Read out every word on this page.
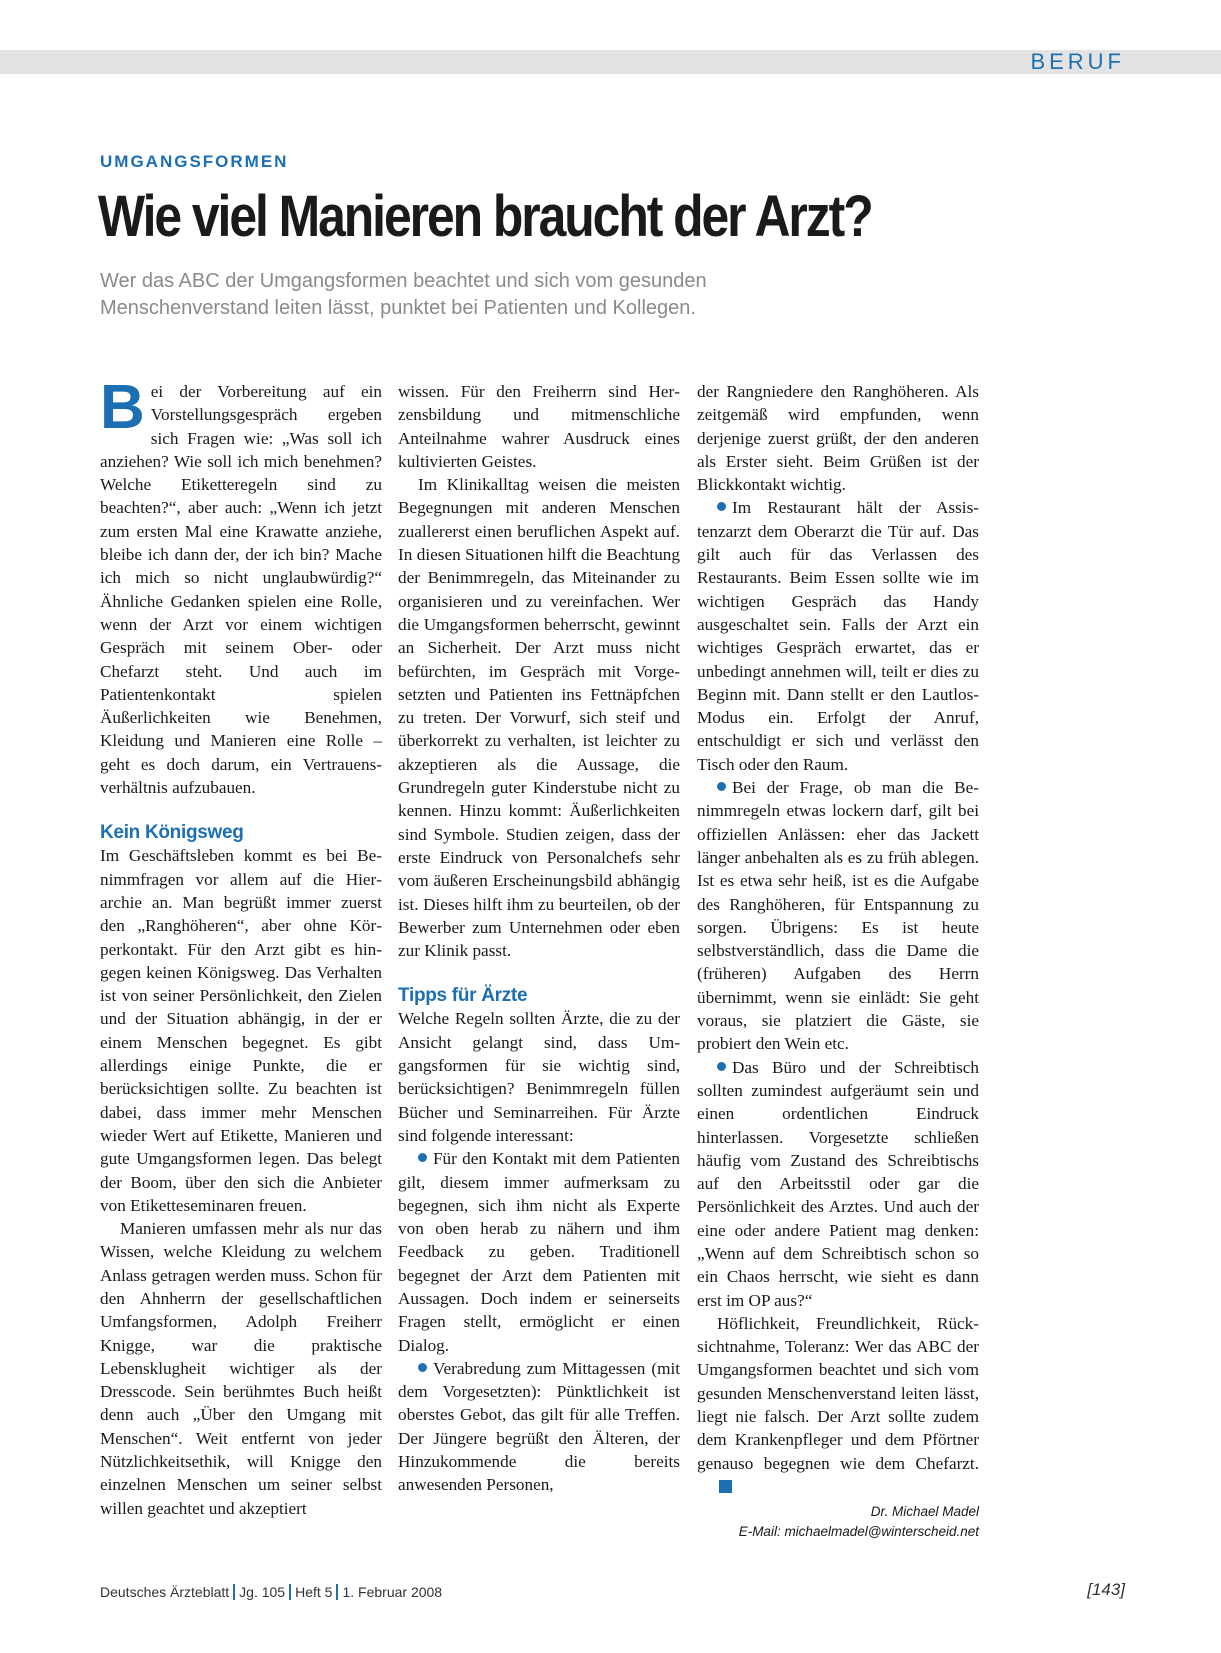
BERUF
UMGANGSFORMEN
Wie viel Manieren braucht der Arzt?

Wer das ABC der Umgangsformen beachtet und sich vom gesunden Menschenverstand leiten lässt, punktet bei Patienten und Kollegen.

Bei der Vorbereitung auf ein Vorstellungsgespräch ergeben sich Fragen wie: „Was soll ich anziehen? Wie soll ich mich benehmen? Welche Etiketteregeln sind zu beachten?“, aber auch: „Wenn ich jetzt zum ersten Mal eine Krawatte anziehe, bleibe ich dann der, der ich bin? Mache ich mich so nicht unglaubwürdig?“ Ähnliche Gedanken spielen eine Rolle, wenn der Arzt vor einem wichtigen Gespräch mit seinem Ober- oder Chefarzt steht. Und auch im Patientenkontakt spielen Äußerlichkeiten wie Benehmen, Kleidung und Manieren eine Rolle – geht es doch darum, ein Vertrauensverhältnis aufzubauen.

Kein Königsweg

Im Geschäftsleben kommt es bei Benimmfragen vor allem auf die Hierarchie an. Man begrüßt immer zuerst den „Ranghöheren“, aber ohne Körperkontakt. Für den Arzt gibt es hingegen keinen Königsweg. Das Verhalten ist von seiner Persönlichkeit, den Zielen und der Situation abhängig, in der er einem Menschen begegnet. Es gibt allerdings einige Punkte, die er berücksichtigen sollte. Zu beachten ist dabei, dass immer mehr Menschen wieder Wert auf Etikette, Manieren und gute Umgangsformen legen. Das belegt der Boom, über den sich die Anbieter von Etiketteseminaren freuen.

Manieren umfassen mehr als nur das Wissen, welche Kleidung zu welchem Anlass getragen werden muss. Schon für den Ahnherrn der gesellschaftlichen Umfangsformen, Adolph Freiherr Knigge, war die praktische Lebensklugheit wichtiger als der Dresscode. Sein berühmtes Buch heißt denn auch „Über den Umgang mit Menschen“. Weit entfernt von jeder Nützlichkeitsethik, will Knigge den einzelnen Menschen um seiner selbst willen geachtet und akzeptiert

wissen. Für den Freiherrn sind Herzensbildung und mitmenschliche Anteilnahme wahrer Ausdruck eines kultivierten Geistes.

Im Klinikalltag weisen die meisten Begegnungen mit anderen Menschen zuallererst einen beruflichen Aspekt auf. In diesen Situationen hilft die Beachtung der Benimmregeln, das Miteinander zu organisieren und zu vereinfachen. Wer die Umgangsformen beherrscht, gewinnt an Sicherheit. Der Arzt muss nicht befürchten, im Gespräch mit Vorgesetzten und Patienten ins Fettnäpfchen zu treten. Der Vorwurf, sich steif und überkorrekt zu verhalten, ist leichter zu akzeptieren als die Aussage, die Grundregeln guter Kinderstube nicht zu kennen. Hinzu kommt: Äußerlichkeiten sind Symbole. Studien zeigen, dass der erste Eindruck von Personalchefs sehr vom äußeren Erscheinungsbild abhängig ist. Dieses hilft ihm zu beurteilen, ob der Bewerber zum Unternehmen oder eben zur Klinik passt.

Tipps für Ärzte

Welche Regeln sollten Ärzte, die zu der Ansicht gelangt sind, dass Umgangsformen für sie wichtig sind, berücksichtigen? Benimmregeln füllen Bücher und Seminarreihen. Für Ärzte sind folgende interessant:

Für den Kontakt mit dem Patienten gilt, diesem immer aufmerksam zu begegnen, sich ihm nicht als Experte von oben herab zu nähern und ihm Feedback zu geben. Traditionell begegnet der Arzt dem Patienten mit Aussagen. Doch indem er seinerseits Fragen stellt, ermöglicht er einen Dialog.

Verabredung zum Mittagessen (mit dem Vorgesetzten): Pünktlichkeit ist oberstes Gebot, das gilt für alle Treffen. Der Jüngere begrüßt den Älteren, der Hinzukommende die bereits anwesenden Personen,

der Rangniedere den Ranghöheren. Als zeitgemäß wird empfunden, wenn derjenige zuerst grüßt, der den anderen als Erster sieht. Beim Grüßen ist der Blickkontakt wichtig.

Im Restaurant hält der Assistenzarzt dem Oberarzt die Tür auf. Das gilt auch für das Verlassen des Restaurants. Beim Essen sollte wie im wichtigen Gespräch das Handy ausgeschaltet sein. Falls der Arzt ein wichtiges Gespräch erwartet, das er unbedingt annehmen will, teilt er dies zu Beginn mit. Dann stellt er den Lautlos-Modus ein. Erfolgt der Anruf, entschuldigt er sich und verlässt den Tisch oder den Raum.

Bei der Frage, ob man die Benimmregeln etwas lockern darf, gilt bei offiziellen Anlässen: eher das Jackett länger anbehalten als es zu früh ablegen. Ist es etwa sehr heiß, ist es die Aufgabe des Ranghöheren, für Entspannung zu sorgen. Übrigens: Es ist heute selbstverständlich, dass die Dame die (früheren) Aufgaben des Herrn übernimmt, wenn sie einlädt: Sie geht voraus, sie platziert die Gäste, sie probiert den Wein etc.

Das Büro und der Schreibtisch sollten zumindest aufgeräumt sein und einen ordentlichen Eindruck hinterlassen. Vorgesetzte schließen häufig vom Zustand des Schreibtischs auf den Arbeitsstil oder gar die Persönlichkeit des Arztes. Und auch der eine oder andere Patient mag denken: „Wenn auf dem Schreibtisch schon so ein Chaos herrscht, wie sieht es dann erst im OP aus?“

Höflichkeit, Freundlichkeit, Rücksichtnahme, Toleranz: Wer das ABC der Umgangsformen beachtet und sich vom gesunden Menschenverstand leiten lässt, liegt nie falsch. Der Arzt sollte zudem dem Krankenpfleger und dem Pförtner genauso begegnen wie dem Chefarzt.

Dr. Michael Madel
E-Mail: michaelmadel@winterscheid.net
Deutsches Ärzteblatt Jg. 105 Heft 5 1. Februar 2008	[143]
